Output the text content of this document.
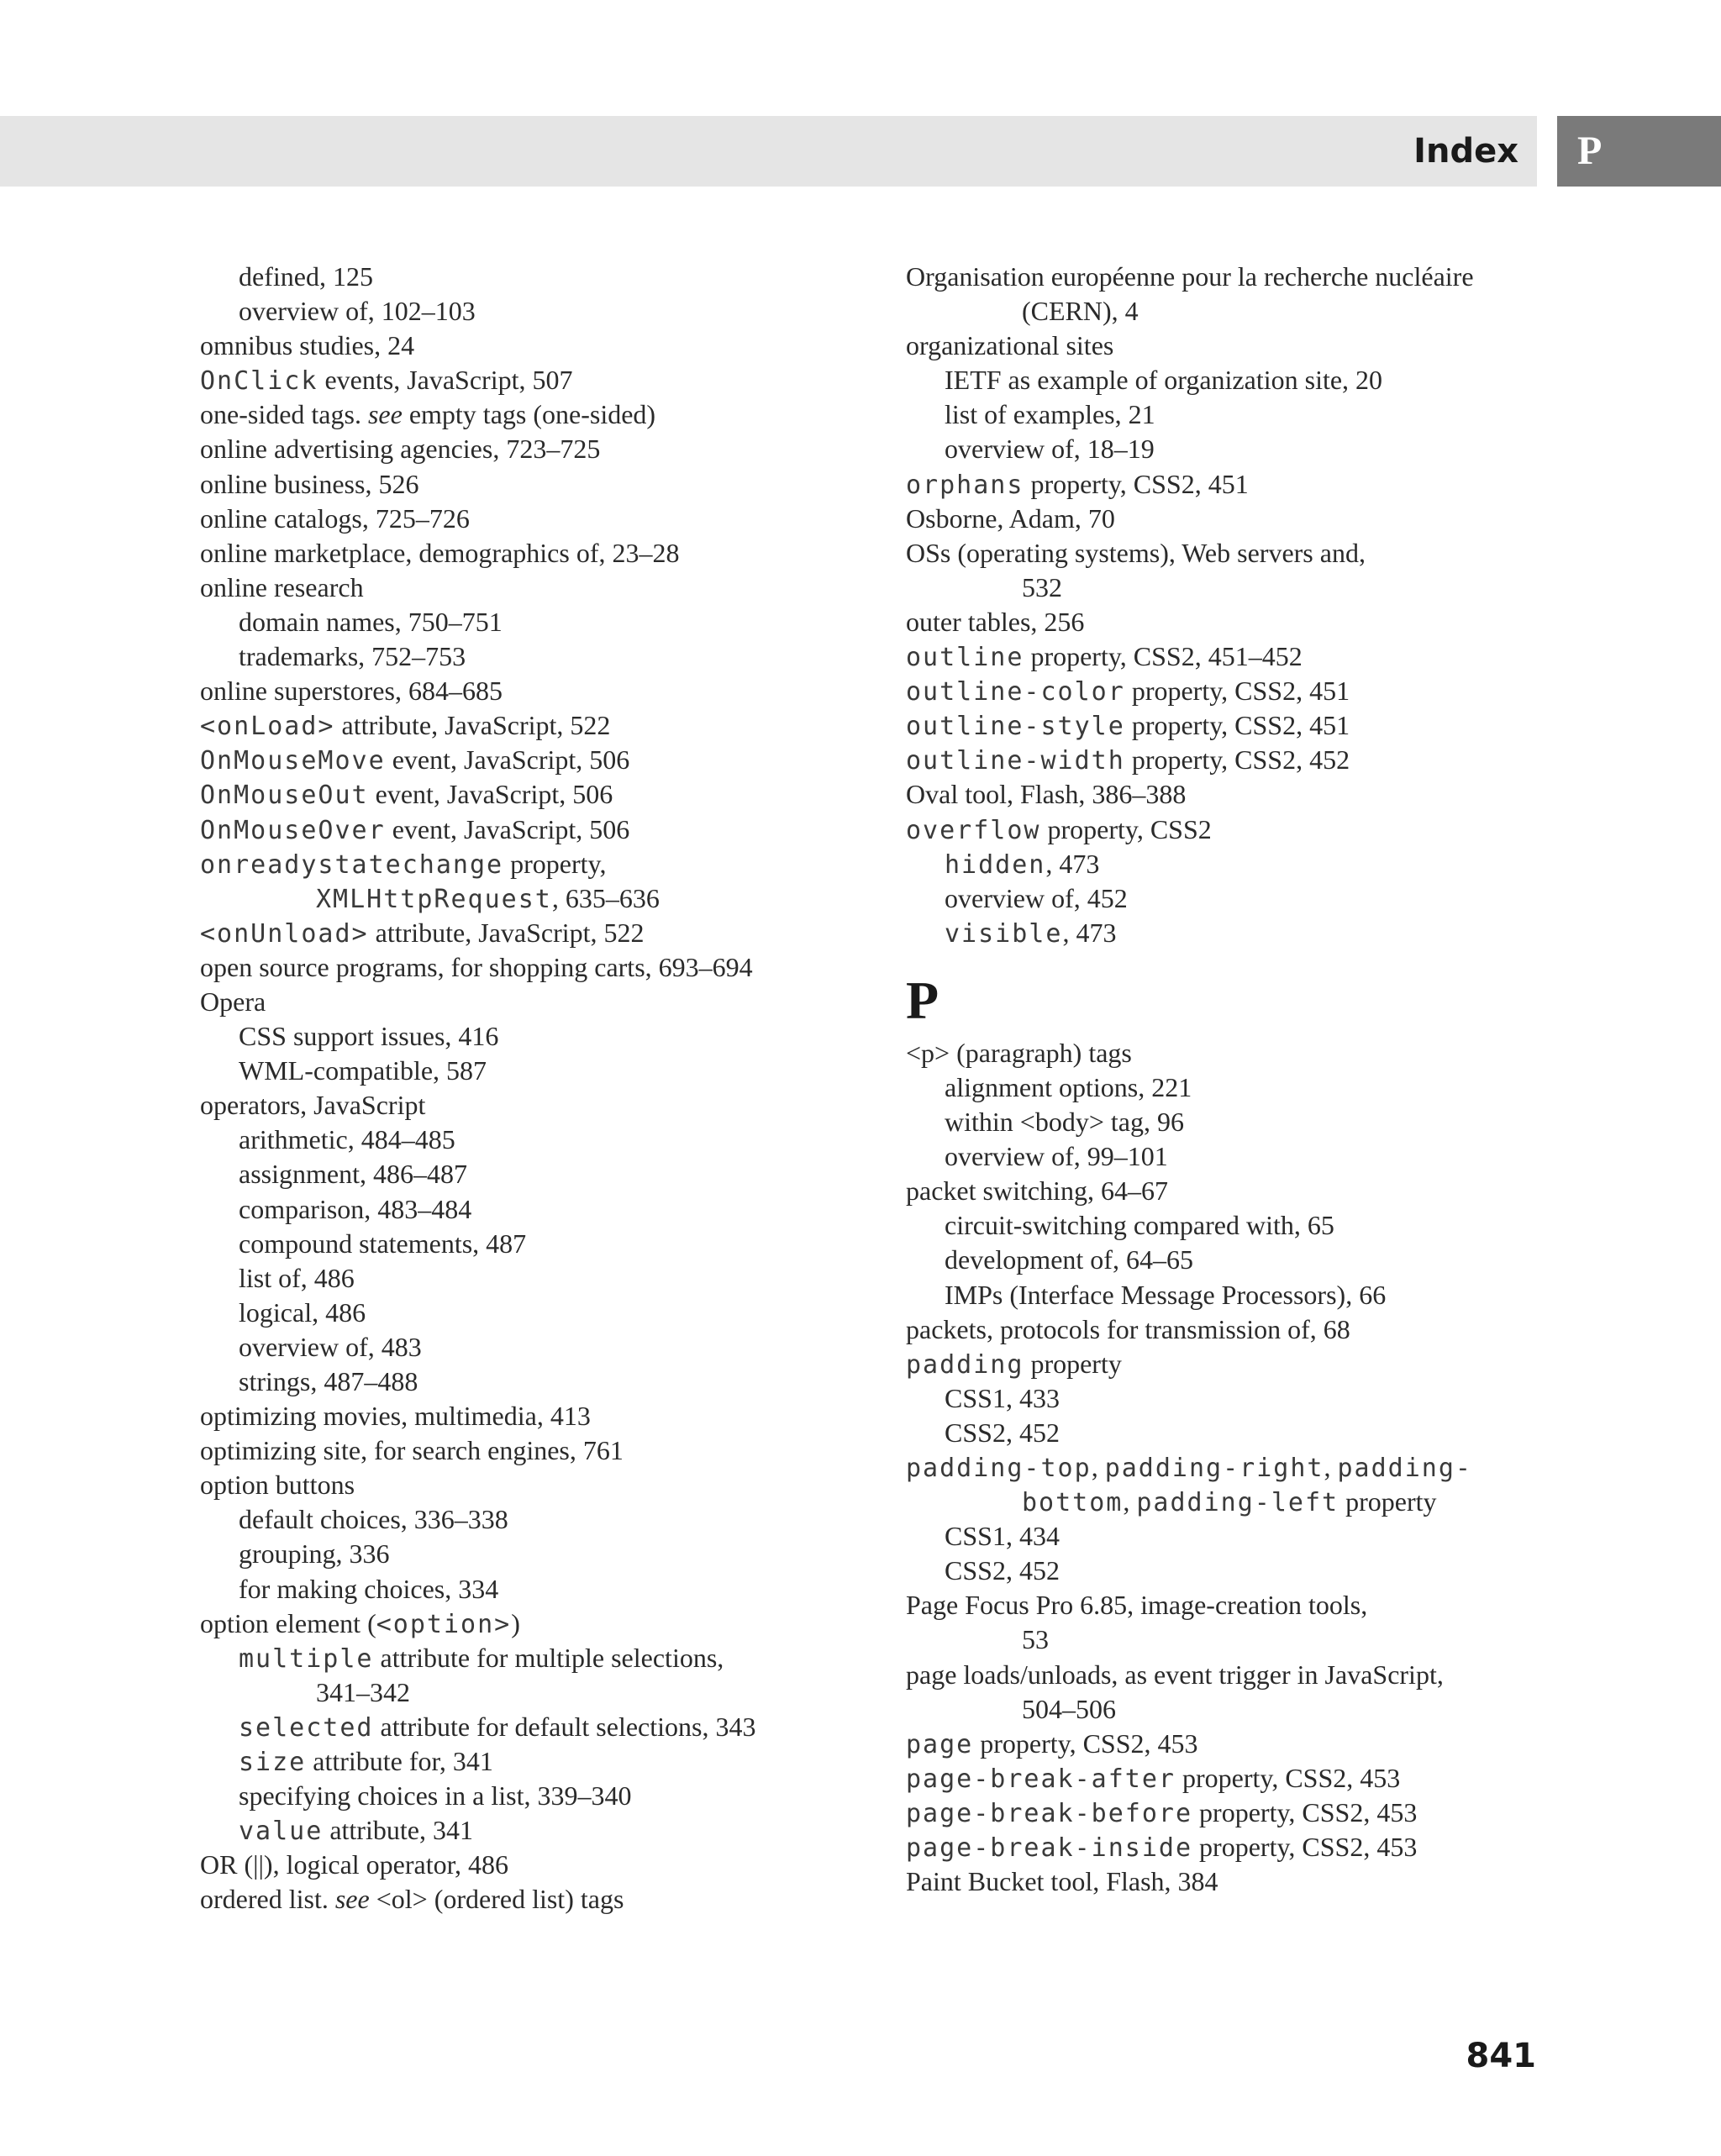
Index	P
defined, 125
overview of, 102–103
omnibus studies, 24
OnClick events, JavaScript, 507
one-sided tags. see empty tags (one-sided)
online advertising agencies, 723–725
online business, 526
online catalogs, 725–726
online marketplace, demographics of, 23–28
online research
domain names, 750–751
trademarks, 752–753
online superstores, 684–685
<onLoad> attribute, JavaScript, 522
OnMouseMove event, JavaScript, 506
OnMouseOut event, JavaScript, 506
OnMouseOver event, JavaScript, 506
onreadystatechange property,
XMLHttpRequest, 635–636
<onUnload> attribute, JavaScript, 522
open source programs, for shopping carts, 693–694
Opera
CSS support issues, 416
WML-compatible, 587
operators, JavaScript
arithmetic, 484–485
assignment, 486–487
comparison, 483–484
compound statements, 487
list of, 486
logical, 486
overview of, 483
strings, 487–488
optimizing movies, multimedia, 413
optimizing site, for search engines, 761
option buttons
default choices, 336–338
grouping, 336
for making choices, 334
option element (<option>)
multiple attribute for multiple selections,
341–342
selected attribute for default selections, 343
size attribute for, 341
specifying choices in a list, 339–340
value attribute, 341
OR (||), logical operator, 486
ordered list. see <ol> (ordered list) tags
Organisation européenne pour la recherche nucléaire
(CERN), 4
organizational sites
IETF as example of organization site, 20
list of examples, 21
overview of, 18–19
orphans property, CSS2, 451
Osborne, Adam, 70
OSs (operating systems), Web servers and,
532
outer tables, 256
outline property, CSS2, 451–452
outline-color property, CSS2, 451
outline-style property, CSS2, 451
outline-width property, CSS2, 452
Oval tool, Flash, 386–388
overflow property, CSS2
hidden, 473
overview of, 452
visible, 473
P
<p> (paragraph) tags
alignment options, 221
within <body> tag, 96
overview of, 99–101
packet switching, 64–67
circuit-switching compared with, 65
development of, 64–65
IMPs (Interface Message Processors), 66
packets, protocols for transmission of, 68
padding property
CSS1, 433
CSS2, 452
padding-top, padding-right, padding-
bottom, padding-left property
CSS1, 434
CSS2, 452
Page Focus Pro 6.85, image-creation tools,
53
page loads/unloads, as event trigger in JavaScript,
504–506
page property, CSS2, 453
page-break-after property, CSS2, 453
page-break-before property, CSS2, 453
page-break-inside property, CSS2, 453
Paint Bucket tool, Flash, 384
841
